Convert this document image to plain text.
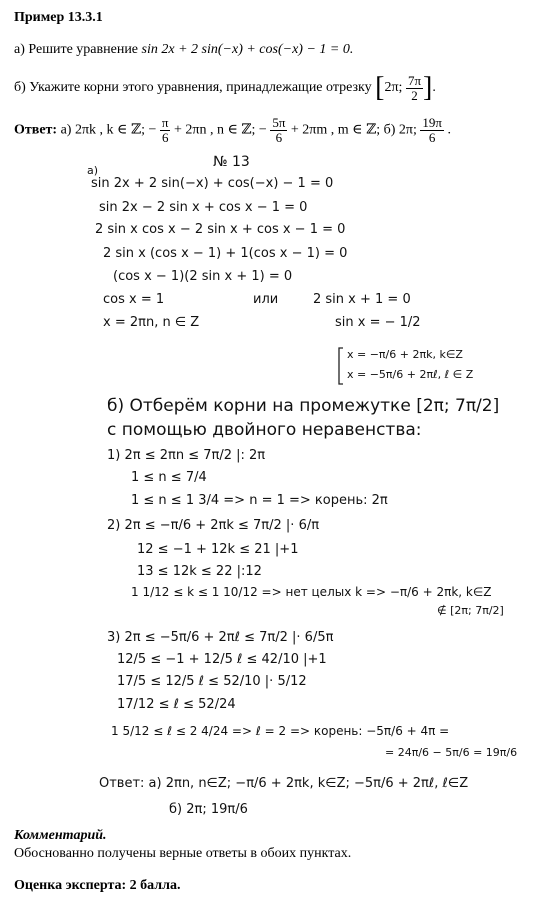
Пример 13.3.1
а) Решите уравнение sin 2x + 2 sin(−x) + cos(−x) − 1 = 0.
б) Укажите корни этого уравнения, принадлежащие отрезку [2π; $\frac{7\pi}{2}$ ].
Ответ: а) 2πk , k ∈ ℤ; − $\frac{\pi}{6} + 2\pi n$ , n ∈ ℤ; − $\frac{5\pi}{6} + 2\pi m$ , m ∈ ℤ; б) 2π; $\frac{19\pi}{6}$ .
№ 13
a)
sin 2x + 2 sin(−x) + cos(−x) − 1 = 0
sin 2x − 2 sin x + cos x − 1 = 0
2 sin x cos x − 2 sin x + cos x − 1 = 0
2 sin x (cos x − 1) + 1(cos x − 1) = 0
(cos x − 1)(2 sin x + 1) = 0
cos x = 1	или	2 sin x + 1 = 0
x = 2πn, n ∈ Z	sin x = − 1/2
x = −π/6 + 2πk, k∈Z
x = −5π/6 + 2πℓ, ℓ ∈ Z
б) Отберём корни на промежутке [2π; 7π/2]
с помощью двойного неравенства:
1) 2π ≤ 2πn ≤ 7π/2 |: 2π
1 ≤ n ≤ 7/4
1 ≤ n ≤ 1 3/4 => n = 1 => корень: 2π
2) 2π ≤ −π/6 + 2πk ≤ 7π/2 |· 6/π
12 ≤ −1 + 12k ≤ 21 |+1
13 ≤ 12k ≤ 22 |:12
1 1/12 ≤ k ≤ 1 10/12 => нет целых k => −π/6 + 2πk, k∈Z
∉ [2π; 7π/2]
3) 2π ≤ −5π/6 + 2πℓ ≤ 7π/2 |· 6/5π
12/5 ≤ −1 + 12/5 ℓ ≤ 42/10 |+1
17/5 ≤ 12/5 ℓ ≤ 52/10 |· 5/12
17/12 ≤ ℓ ≤ 52/24
1 5/12 ≤ ℓ ≤ 2 4/24 => ℓ = 2 => корень: −5π/6 + 4π =
= 24π/6 − 5π/6 = 19π/6
Ответ: а) 2πn, n∈Z; −π/6 + 2πk, k∈Z; −5π/6 + 2πℓ, ℓ∈Z
б) 2π; 19π/6
Комментарий.
Обоснованно получены верные ответы в обоих пунктах.
Оценка эксперта: 2 балла.
